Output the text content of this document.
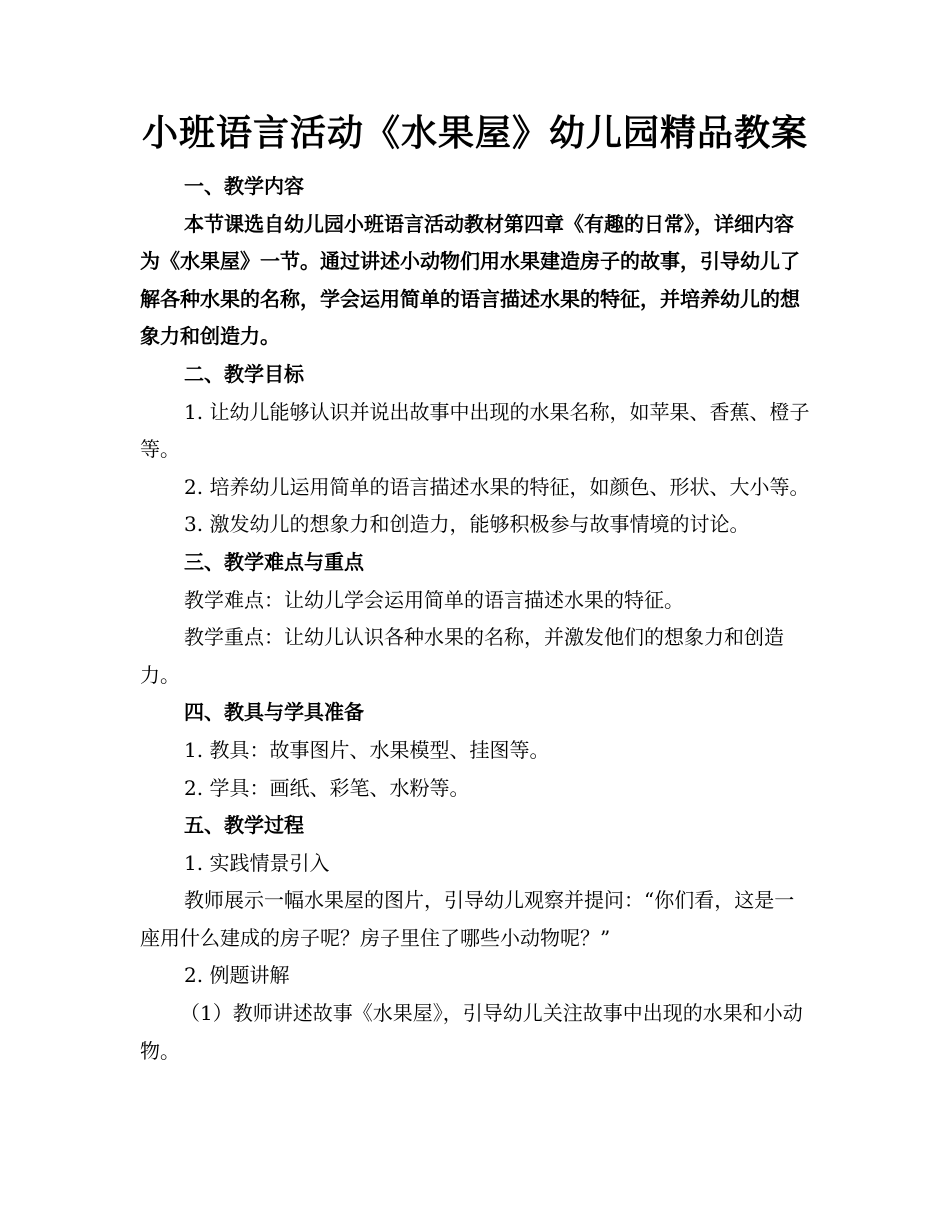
小班语言活动《水果屋》幼儿园精品教案

一、教学内容

本节课选自幼儿园小班语言活动教材第四章《有趣的日常》，详细内容为《水果屋》一节。通过讲述小动物们用水果建造房子的故事，引导幼儿了解各种水果的名称，学会运用简单的语言描述水果的特征，并培养幼儿的想象力和创造力。

二、教学目标

1. 让幼儿能够认识并说出故事中出现的水果名称，如苹果、香蕉、橙子等。

2. 培养幼儿运用简单的语言描述水果的特征，如颜色、形状、大小等。

3. 激发幼儿的想象力和创造力，能够积极参与故事情境的讨论。

三、教学难点与重点

教学难点：让幼儿学会运用简单的语言描述水果的特征。

教学重点：让幼儿认识各种水果的名称，并激发他们的想象力和创造力。

四、教具与学具准备

1. 教具：故事图片、水果模型、挂图等。

2. 学具：画纸、彩笔、水粉等。

五、教学过程

1. 实践情景引入

教师展示一幅水果屋的图片，引导幼儿观察并提问：“你们看，这是一座用什么建成的房子呢？房子里住了哪些小动物呢？”

2. 例题讲解

（1）教师讲述故事《水果屋》，引导幼儿关注故事中出现的水果和小动物。
